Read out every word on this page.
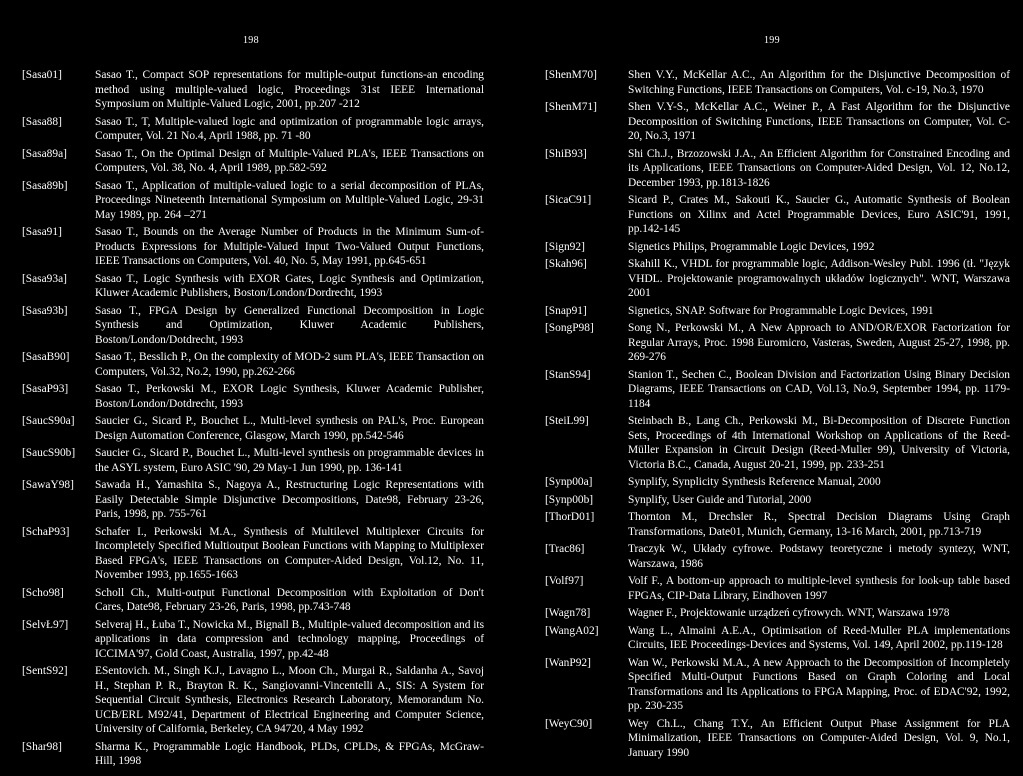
198
[Sasa01]	Sasao T., Compact SOP representations for multiple-output functions-an encoding method using multiple-valued logic, Proceedings 31st IEEE International Symposium on Multiple-Valued Logic, 2001, pp.207 -212
[Sasa88]	Sasao T., T, Multiple-valued logic and optimization of programmable logic arrays, Computer, Vol. 21 No.4, April 1988, pp. 71 -80
[Sasa89a]	Sasao T., On the Optimal Design of Multiple-Valued PLA's, IEEE Transactions on Computers, Vol. 38, No. 4, April 1989, pp.582-592
[Sasa89b]	Sasao T., Application of multiple-valued logic to a serial decomposition of PLAs, Proceedings Nineteenth International Symposium on Multiple-Valued Logic, 29-31 May 1989, pp. 264 –271
[Sasa91]	Sasao T., Bounds on the Average Number of Products in the Minimum Sum-of-Products Expressions for Multiple-Valued Input Two-Valued Output Functions, IEEE Transactions on Computers, Vol. 40, No. 5, May 1991, pp.645-651
[Sasa93a]	Sasao T., Logic Synthesis with EXOR Gates, Logic Synthesis and Optimization, Kluwer Academic Publishers, Boston/London/Dordrecht, 1993
[Sasa93b]	Sasao T., FPGA Design by Generalized Functional Decomposition in Logic Synthesis and Optimization, Kluwer Academic Publishers, Boston/London/Dotdrecht, 1993
[SasaB90]	Sasao T., Besslich P., On the complexity of MOD-2 sum PLA's, IEEE Transaction on Computers, Vol.32, No.2, 1990, pp.262-266
[SasaP93]	Sasao T., Perkowski M., EXOR Logic Synthesis, Kluwer Academic Publisher, Boston/London/Dotdrecht, 1993
[SaucS90a]	Saucier G., Sicard P., Bouchet L., Multi-level synthesis on PAL's, Proc. European Design Automation Conference, Glasgow, March 1990, pp.542-546
[SaucS90b]	Saucier G., Sicard P., Bouchet L., Multi-level synthesis on programmable devices in the ASYL system, Euro ASIC '90, 29 May-1 Jun 1990, pp. 136-141
[SawaY98]	Sawada H., Yamashita S., Nagoya A., Restructuring Logic Representations with Easily Detectable Simple Disjunctive Decompositions, Date98, February 23-26, Paris, 1998, pp. 755-761
[SchaP93]	Schafer I., Perkowski M.A., Synthesis of Multilevel Multiplexer Circuits for Incompletely Specified Multioutput Boolean Functions with Mapping to Multiplexer Based FPGA's, IEEE Transactions on Computer-Aided Design, Vol.12, No. 11, November 1993, pp.1655-1663
[Scho98]	Scholl Ch., Multi-output Functional Decomposition with Exploitation of Don't Cares, Date98, February 23-26, Paris, 1998, pp.743-748
[SelvŁ97]	Selveraj H., Łuba T., Nowicka M., Bignall B., Multiple-valued decomposition and its applications in data compression and technology mapping, Proceedings of ICCIMA'97, Gold Coast, Australia, 1997, pp.42-48
[SentS92]	ESentovich. M., Singh K.J., Lavagno L., Moon Ch., Murgai R., Saldanha A., Savoj H., Stephan P. R., Brayton R. K., Sangiovanni-Vincentelli A., SIS: A System for Sequential Circuit Synthesis, Electronics Research Laboratory, Memorandum No. UCB/ERL M92/41, Department of Electrical Engineering and Computer Science, University of California, Berkeley, CA 94720, 4 May 1992
[Shar98]	Sharma K., Programmable Logic Handbook, PLDs, CPLDs, & FPGAs, McGraw-Hill, 1998
199
[ShenM70]	Shen V.Y., McKellar A.C., An Algorithm for the Disjunctive Decomposition of Switching Functions, IEEE Transactions on Computers, Vol. c-19, No.3, 1970
[ShenM71]	Shen V.Y-S., McKellar A.C., Weiner P., A Fast Algorithm for the Disjunctive Decomposition of Switching Functions, IEEE Transactions on Computer, Vol. C-20, No.3, 1971
[ShiB93]	Shi Ch.J., Brzozowski J.A., An Efficient Algorithm for Constrained Encoding and its Applications, IEEE Transactions on Computer-Aided Design, Vol. 12, No.12, December 1993, pp.1813-1826
[SicaC91]	Sicard P., Crates M., Sakouti K., Saucier G., Automatic Synthesis of Boolean Functions on Xilinx and Actel Programmable Devices, Euro ASIC'91, 1991, pp.142-145
[Sign92]	Signetics Philips, Programmable Logic Devices, 1992
[Skah96]	Skahill K., VHDL for programmable logic, Addison-Wesley Publ. 1996 (tł. "Język VHDL. Projektowanie programowalnych układów logicznych". WNT, Warszawa 2001
[Snap91]	Signetics, SNAP. Software for Programmable Logic Devices, 1991
[SongP98]	Song N., Perkowski M., A New Approach to AND/OR/EXOR Factorization for Regular Arrays, Proc. 1998 Euromicro, Vasteras, Sweden, August 25-27, 1998, pp. 269-276
[StanS94]	Stanion T., Sechen C., Boolean Division and Factorization Using Binary Decision Diagrams, IEEE Transactions on CAD, Vol.13, No.9, September 1994, pp. 1179-1184
[SteiL99]	Steinbach B., Lang Ch., Perkowski M., Bi-Decomposition of Discrete Function Sets, Proceedings of 4th International Workshop on Applications of the Reed-Müller Expansion in Circuit Design (Reed-Muller 99), University of Victoria, Victoria B.C., Canada, August 20-21, 1999, pp. 233-251
[Synp00a]	Synplify, Synplicity Synthesis Reference Manual, 2000
[Synp00b]	Synplify, User Guide and Tutorial, 2000
[ThorD01]	Thornton M., Drechsler R., Spectral Decision Diagrams Using Graph Transformations, Date01, Munich, Germany, 13-16 March, 2001, pp.713-719
[Trac86]	Traczyk W., Układy cyfrowe. Podstawy teoretyczne i metody syntezy, WNT, Warszawa, 1986
[Volf97]	Volf F., A bottom-up approach to multiple-level synthesis for look-up table based FPGAs, CIP-Data Library, Eindhoven 1997
[Wagn78]	Wagner F., Projektowanie urządzeń cyfrowych. WNT, Warszawa 1978
[WangA02]	Wang L., Almaini A.E.A., Optimisation of Reed-Muller PLA implementations Circuits, IEE Proceedings-Devices and Systems, Vol. 149, April 2002, pp.119-128
[WanP92]	Wan W., Perkowski M.A., A new Approach to the Decomposition of Incompletely Specified Multi-Output Functions Based on Graph Coloring and Local Transformations and Its Applications to FPGA Mapping, Proc. of EDAC'92, 1992, pp. 230-235
[WeyC90]	Wey Ch.L., Chang T.Y., An Efficient Output Phase Assignment for PLA Minimalization, IEEE Transactions on Computer-Aided Design, Vol. 9, No.1, January 1990
